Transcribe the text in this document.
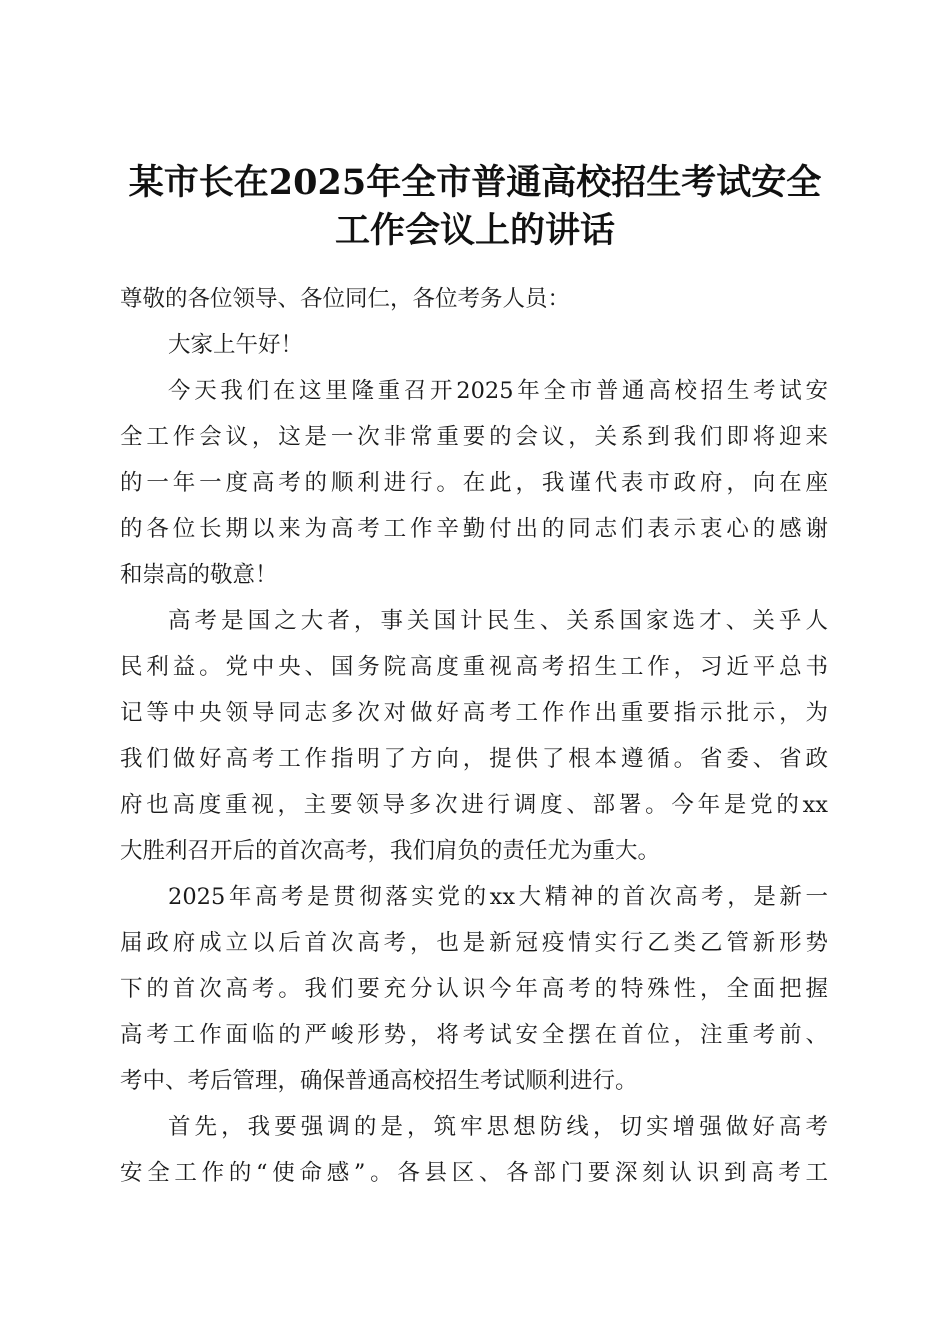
某市长在2025年全市普通高校招生考试安全
工作会议上的讲话

尊敬的各位领导、各位同仁，各位考务人员：

大家上午好！

今天我们在这里隆重召开2025年全市普通高校招生考试安
全工作会议，这是一次非常重要的会议，关系到我们即将迎来
的一年一度高考的顺利进行。在此，我谨代表市政府，向在座
的各位长期以来为高考工作辛勤付出的同志们表示衷心的感谢
和崇高的敬意！

高考是国之大者，事关国计民生、关系国家选才、关乎人
民利益。党中央、国务院高度重视高考招生工作，习近平总书
记等中央领导同志多次对做好高考工作作出重要指示批示，为
我们做好高考工作指明了方向，提供了根本遵循。省委、省政
府也高度重视，主要领导多次进行调度、部署。今年是党的xx
大胜利召开后的首次高考，我们肩负的责任尤为重大。

2025年高考是贯彻落实党的xx大精神的首次高考，是新一
届政府成立以后首次高考，也是新冠疫情实行乙类乙管新形势
下的首次高考。我们要充分认识今年高考的特殊性，全面把握
高考工作面临的严峻形势，将考试安全摆在首位，注重考前、
考中、考后管理，确保普通高校招生考试顺利进行。

首先，我要强调的是，筑牢思想防线，切实增强做好高考
安全工作的“使命感”。各县区、各部门要深刻认识到高考工
